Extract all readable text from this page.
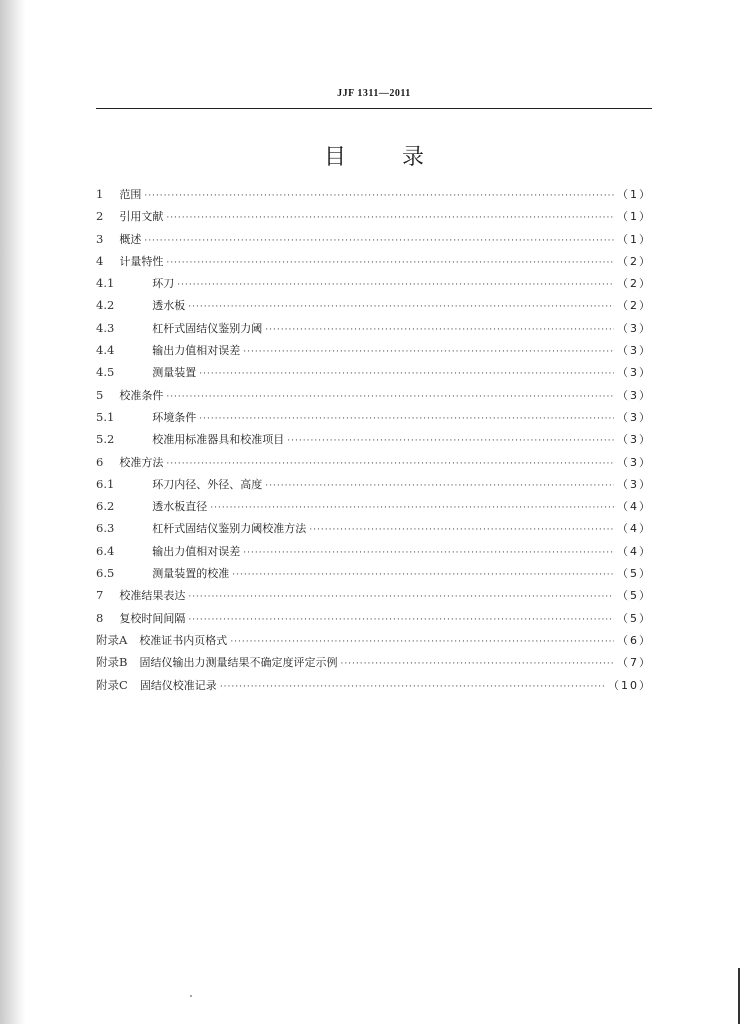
JJF 1311—2011
目录
1 范围 ·····	（1）
2 引用文献 ·····	（1）
3 概述 ·····	（1）
4 计量特性 ·····	（2）
4.1	环刀 ·····	（2）
4.2	透水板 ·····	（2）
4.3	杠杆式固结仪鉴别力阈 ·····	（3）
4.4	输出力值相对误差 ·····	（3）
4.5	测量装置 ·····	（3）
5 校准条件 ·····	（3）
5.1	环境条件 ·····	（3）
5.2	校准用标准器具和校准项目 ·····	（3）
6 校准方法 ·····	（3）
6.1	环刀内径、外径、高度 ·····	（3）
6.2	透水板直径 ·····	（4）
6.3	杠杆式固结仪鉴别力阈校准方法 ·····	（4）
6.4	输出力值相对误差 ·····	（4）
6.5	测量装置的校准 ·····	（5）
7 校准结果表达 ·····	（5）
8 复校时间间隔 ·····	（5）
附录A 校准证书内页格式 ·····	（6）
附录B 固结仪输出力测量结果不确定度评定示例 ·····	（7）
附录C 固结仪校准记录 ·····	（10）
